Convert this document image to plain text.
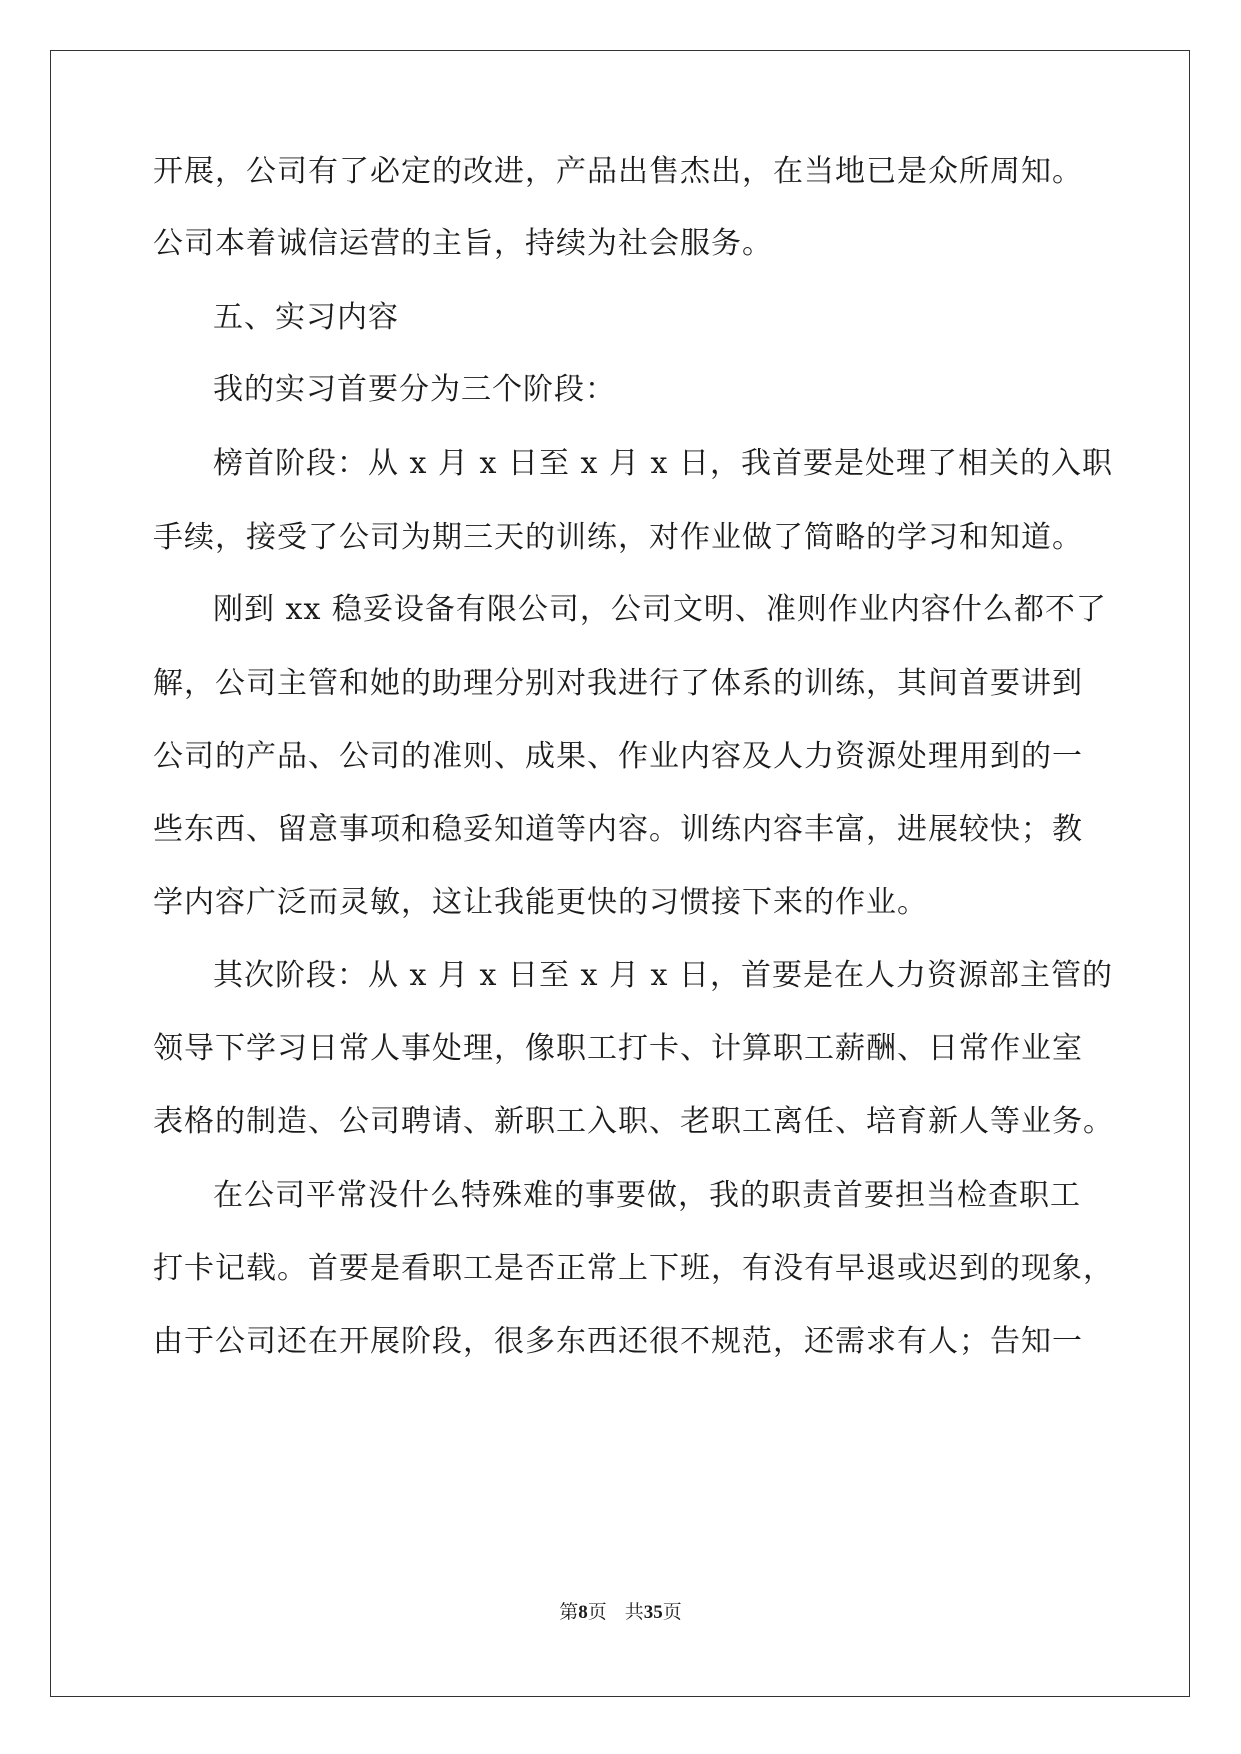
开展，公司有了必定的改进，产品出售杰出，在当地已是众所周知。
公司本着诚信运营的主旨，持续为社会服务。
五、实习内容
我的实习首要分为三个阶段：
榜首阶段：从 x 月 x 日至 x 月 x 日，我首要是处理了相关的入职
手续，接受了公司为期三天的训练，对作业做了简略的学习和知道。
刚到 xx 稳妥设备有限公司，公司文明、准则作业内容什么都不了
解，公司主管和她的助理分别对我进行了体系的训练，其间首要讲到
公司的产品、公司的准则、成果、作业内容及人力资源处理用到的一
些东西、留意事项和稳妥知道等内容。训练内容丰富，进展较快；教
学内容广泛而灵敏，这让我能更快的习惯接下来的作业。
其次阶段：从 x 月 x 日至 x 月 x 日，首要是在人力资源部主管的
领导下学习日常人事处理，像职工打卡、计算职工薪酬、日常作业室
表格的制造、公司聘请、新职工入职、老职工离任、培育新人等业务。
在公司平常没什么特殊难的事要做，我的职责首要担当检查职工
打卡记载。首要是看职工是否正常上下班，有没有早退或迟到的现象，
由于公司还在开展阶段，很多东西还很不规范，还需求有人；告知一
第8页 共35页
